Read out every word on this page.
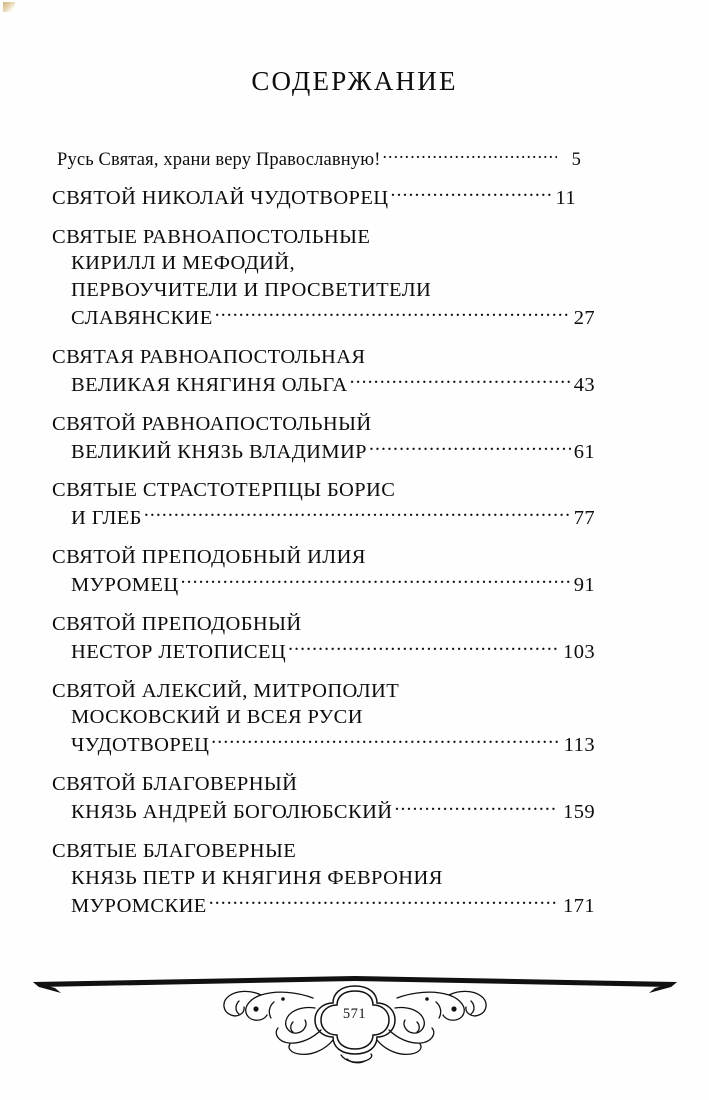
СОДЕРЖАНИЕ
Русь Святая, храни веру Православную! .....	5
СВЯТОЙ НИКОЛАЙ ЧУДОТВОРЕЦ .....	11
СВЯТЫЕ РАВНОАПОСТОЛЬНЫЕ
КИРИЛЛ И МЕФОДИЙ,
ПЕРВОУЧИТЕЛИ И ПРОСВЕТИТЕЛИ
СЛАВЯНСКИЕ .....	27
СВЯТАЯ РАВНОАПОСТОЛЬНАЯ
ВЕЛИКАЯ КНЯГИНЯ ОЛЬГА .....	43
СВЯТОЙ РАВНОАПОСТОЛЬНЫЙ
ВЕЛИКИЙ КНЯЗЬ ВЛАДИМИР .....	61
СВЯТЫЕ СТРАСТОТЕРПЦЫ БОРИС
И ГЛЕБ .....	77
СВЯТОЙ ПРЕПОДОБНЫЙ ИЛИЯ
МУРОМЕЦ .....	91
СВЯТОЙ ПРЕПОДОБНЫЙ
НЕСТОР ЛЕТОПИСЕЦ .....	103
СВЯТОЙ АЛЕКСИЙ, МИТРОПОЛИТ
МОСКОВСКИЙ И ВСЕЯ РУСИ
ЧУДОТВОРЕЦ .....	113
СВЯТОЙ БЛАГОВЕРНЫЙ
КНЯЗЬ АНДРЕЙ БОГОЛЮБСКИЙ .....	159
СВЯТЫЕ БЛАГОВЕРНЫЕ
КНЯЗЬ ПЕТР И КНЯГИНЯ ФЕВРОНИЯ
МУРОМСКИЕ .....	171
571
